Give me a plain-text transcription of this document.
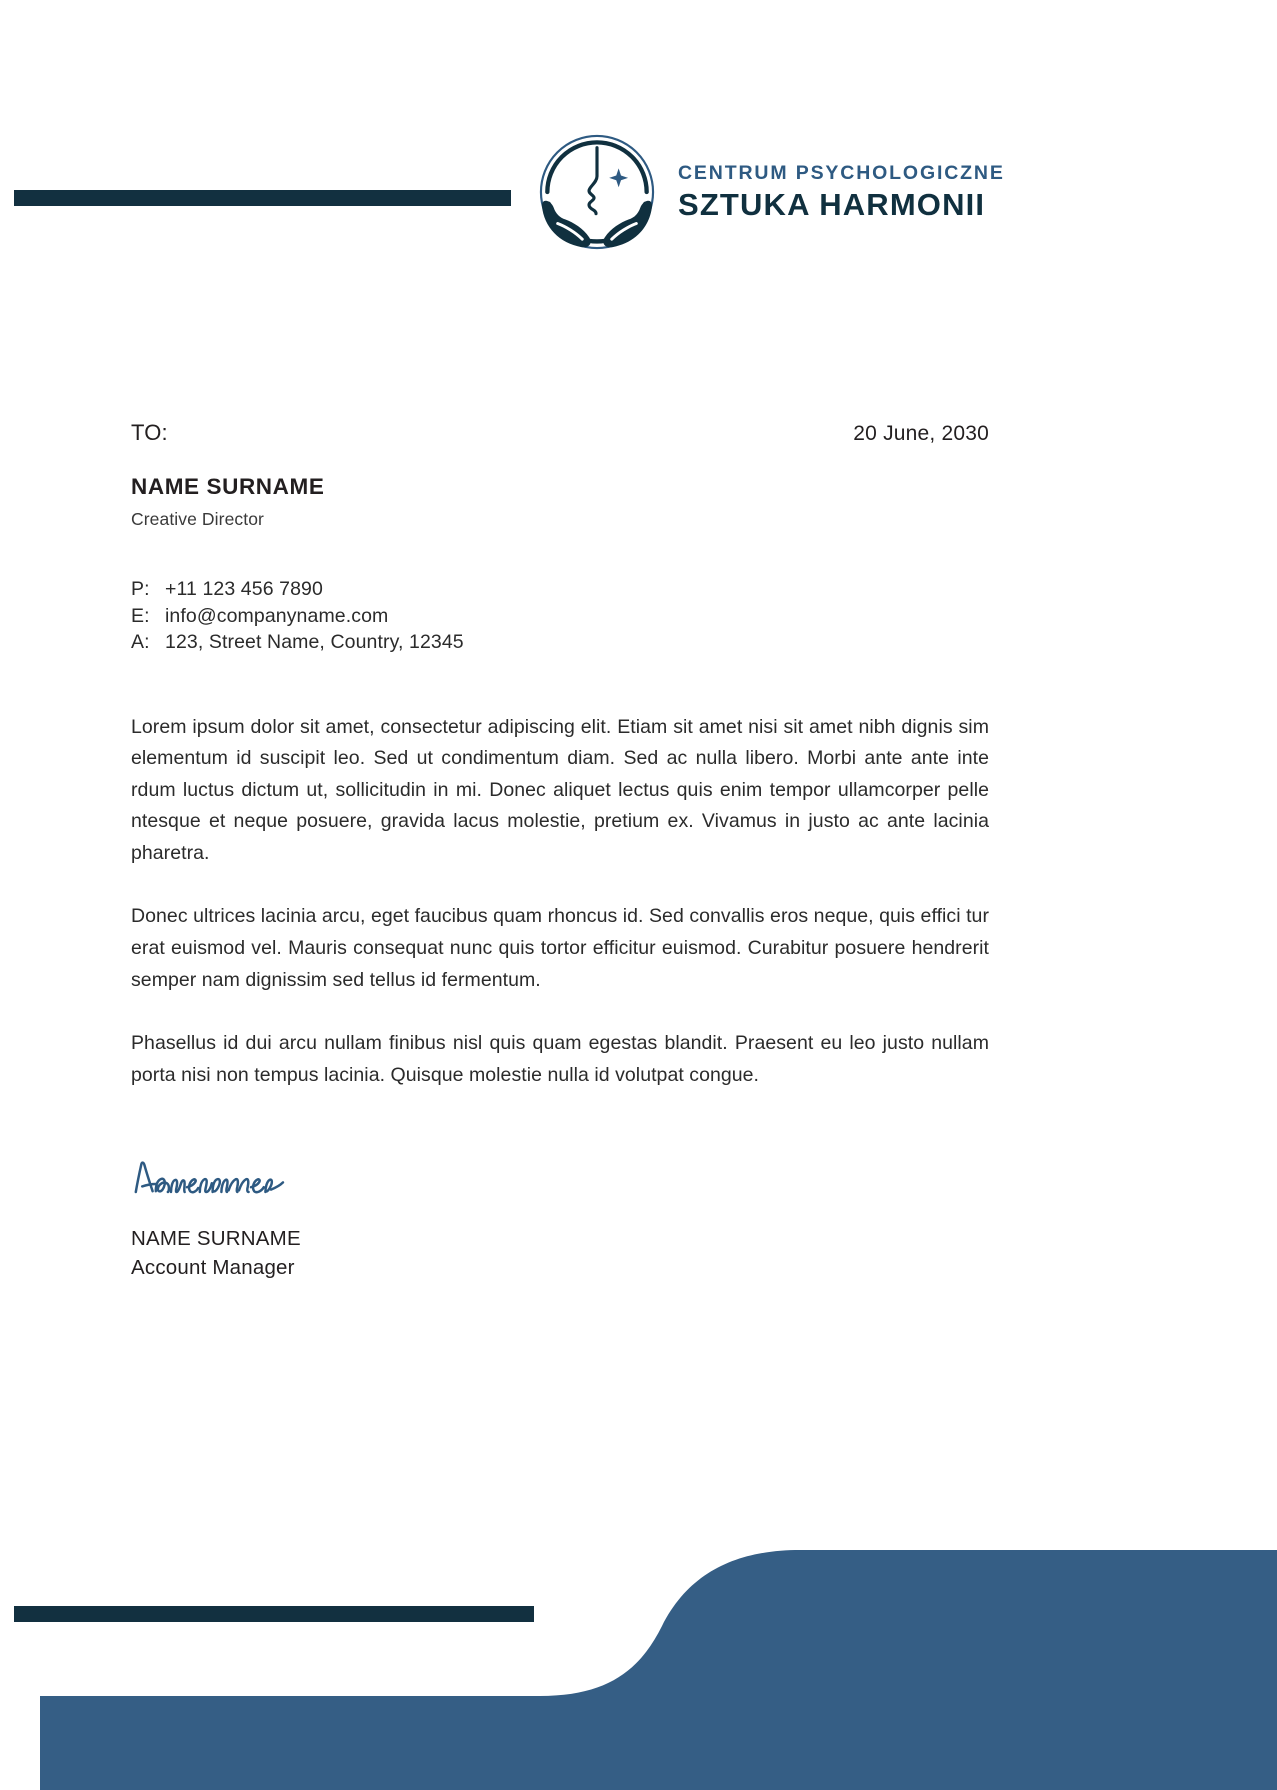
CENTRUM PSYCHOLOGICZNE
SZTUKA HARMONII
TO:	20 June, 2030
NAME SURNAME
Creative Director
P: +11 123 456 7890
E: info@companyname.com
A: 123, Street Name, Country, 12345

Lorem ipsum dolor sit amet, consectetur adipiscing elit. Etiam sit amet nisi sit amet nibh dignis sim elementum id suscipit leo. Sed ut condimentum diam. Sed ac nulla libero. Morbi ante ante inte rdum luctus dictum ut, sollicitudin in mi. Donec aliquet lectus quis enim tempor ullamcorper pelle ntesque et neque posuere, gravida lacus molestie, pretium ex. Vivamus in justo ac ante lacinia pharetra.

Donec ultrices lacinia arcu, eget faucibus quam rhoncus id. Sed convallis eros neque, quis effici tur erat euismod vel. Mauris consequat nunc quis tortor efficitur euismod. Curabitur posuere hendrerit semper nam dignissim sed tellus id fermentum.

Phasellus id dui arcu nullam finibus nisl quis quam egestas blandit. Praesent eu leo justo nullam porta nisi non tempus lacinia. Quisque molestie nulla id volutpat congue.

NAME SURNAME
Account Manager
